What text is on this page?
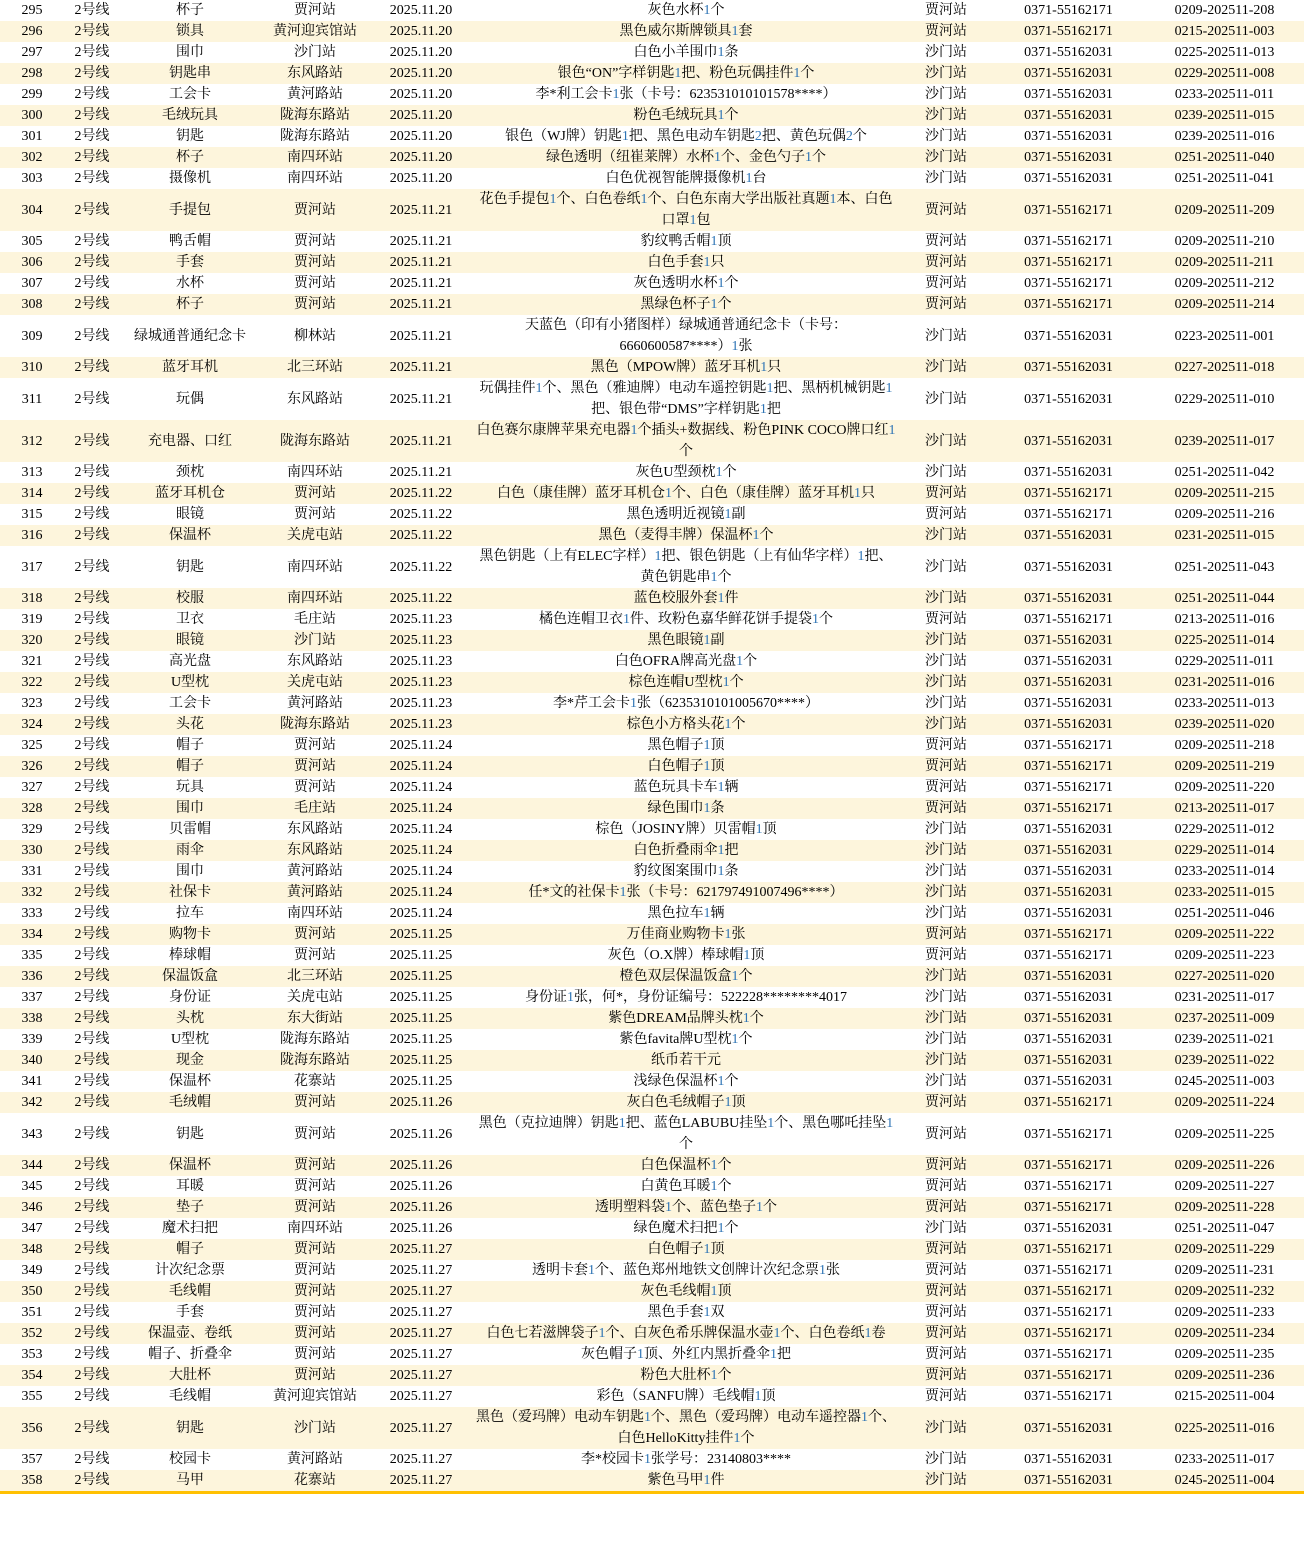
295	2号线	杯子	贾河站	2025.11.20	灰色水杯1个	贾河站	0371-55162171	0209-202511-208
296	2号线	锁具	黄河迎宾馆站	2025.11.20	黑色威尔斯牌锁具1套	贾河站	0371-55162171	0215-202511-003
297	2号线	围巾	沙门站	2025.11.20	白色小羊围巾1条	沙门站	0371-55162031	0225-202511-013
298	2号线	钥匙串	东风路站	2025.11.20	银色“ON”字样钥匙1把、粉色玩偶挂件1个	沙门站	0371-55162031	0229-202511-008
299	2号线	工会卡	黄河路站	2025.11.20	李*利工会卡1张（卡号：623531010101578****）	沙门站	0371-55162031	0233-202511-011
300	2号线	毛绒玩具	陇海东路站	2025.11.20	粉色毛绒玩具1个	沙门站	0371-55162031	0239-202511-015
301	2号线	钥匙	陇海东路站	2025.11.20	银色（WJ牌）钥匙1把、黑色电动车钥匙2把、黄色玩偶2个	沙门站	0371-55162031	0239-202511-016
302	2号线	杯子	南四环站	2025.11.20	绿色透明（纽崔莱牌）水杯1个、金色勺子1个	沙门站	0371-55162031	0251-202511-040
303	2号线	摄像机	南四环站	2025.11.20	白色优视智能牌摄像机1台	沙门站	0371-55162031	0251-202511-041
304	2号线	手提包	贾河站	2025.11.21	花色手提包1个、白色卷纸1个、白色东南大学出版社真题1本、白色口罩1包	贾河站	0371-55162171	0209-202511-209
305	2号线	鸭舌帽	贾河站	2025.11.21	豹纹鸭舌帽1顶	贾河站	0371-55162171	0209-202511-210
306	2号线	手套	贾河站	2025.11.21	白色手套1只	贾河站	0371-55162171	0209-202511-211
307	2号线	水杯	贾河站	2025.11.21	灰色透明水杯1个	贾河站	0371-55162171	0209-202511-212
308	2号线	杯子	贾河站	2025.11.21	黑绿色杯子1个	贾河站	0371-55162171	0209-202511-214
309	2号线	绿城通普通纪念卡	柳林站	2025.11.21	天蓝色（印有小猪图样）绿城通普通纪念卡（卡号：6660600587****）1张	沙门站	0371-55162031	0223-202511-001
310	2号线	蓝牙耳机	北三环站	2025.11.21	黑色（MPOW牌）蓝牙耳机1只	沙门站	0371-55162031	0227-202511-018
311	2号线	玩偶	东风路站	2025.11.21	玩偶挂件1个、黑色（雅迪牌）电动车遥控钥匙1把、黑柄机械钥匙1把、银色带“DMS”字样钥匙1把	沙门站	0371-55162031	0229-202511-010
312	2号线	充电器、口红	陇海东路站	2025.11.21	白色赛尔康牌苹果充电器1个插头+数据线、粉色PINK COCO牌口红1个	沙门站	0371-55162031	0239-202511-017
313	2号线	颈枕	南四环站	2025.11.21	灰色U型颈枕1个	沙门站	0371-55162031	0251-202511-042
314	2号线	蓝牙耳机仓	贾河站	2025.11.22	白色（康佳牌）蓝牙耳机仓1个、白色（康佳牌）蓝牙耳机1只	贾河站	0371-55162171	0209-202511-215
315	2号线	眼镜	贾河站	2025.11.22	黑色透明近视镜1副	贾河站	0371-55162171	0209-202511-216
316	2号线	保温杯	关虎屯站	2025.11.22	黑色（麦得丰牌）保温杯1个	沙门站	0371-55162031	0231-202511-015
317	2号线	钥匙	南四环站	2025.11.22	黑色钥匙（上有ELEC字样）1把、银色钥匙（上有仙华字样）1把、黄色钥匙串1个	沙门站	0371-55162031	0251-202511-043
318	2号线	校服	南四环站	2025.11.22	蓝色校服外套1件	沙门站	0371-55162031	0251-202511-044
319	2号线	卫衣	毛庄站	2025.11.23	橘色连帽卫衣1件、玫粉色嘉华鲜花饼手提袋1个	贾河站	0371-55162171	0213-202511-016
320	2号线	眼镜	沙门站	2025.11.23	黑色眼镜1副	沙门站	0371-55162031	0225-202511-014
321	2号线	高光盘	东风路站	2025.11.23	白色OFRA牌高光盘1个	沙门站	0371-55162031	0229-202511-011
322	2号线	U型枕	关虎屯站	2025.11.23	棕色连帽U型枕1个	沙门站	0371-55162031	0231-202511-016
323	2号线	工会卡	黄河路站	2025.11.23	李*芹工会卡1张（6235310101005670****）	沙门站	0371-55162031	0233-202511-013
324	2号线	头花	陇海东路站	2025.11.23	棕色小方格头花1个	沙门站	0371-55162031	0239-202511-020
325	2号线	帽子	贾河站	2025.11.24	黑色帽子1顶	贾河站	0371-55162171	0209-202511-218
326	2号线	帽子	贾河站	2025.11.24	白色帽子1顶	贾河站	0371-55162171	0209-202511-219
327	2号线	玩具	贾河站	2025.11.24	蓝色玩具卡车1辆	贾河站	0371-55162171	0209-202511-220
328	2号线	围巾	毛庄站	2025.11.24	绿色围巾1条	贾河站	0371-55162171	0213-202511-017
329	2号线	贝雷帽	东风路站	2025.11.24	棕色（JOSINY牌）贝雷帽1顶	沙门站	0371-55162031	0229-202511-012
330	2号线	雨伞	东风路站	2025.11.24	白色折叠雨伞1把	沙门站	0371-55162031	0229-202511-014
331	2号线	围巾	黄河路站	2025.11.24	豹纹图案围巾1条	沙门站	0371-55162031	0233-202511-014
332	2号线	社保卡	黄河路站	2025.11.24	任*文的社保卡1张（卡号：621797491007496****）	沙门站	0371-55162031	0233-202511-015
333	2号线	拉车	南四环站	2025.11.24	黑色拉车1辆	沙门站	0371-55162031	0251-202511-046
334	2号线	购物卡	贾河站	2025.11.25	万佳商业购物卡1张	贾河站	0371-55162171	0209-202511-222
335	2号线	棒球帽	贾河站	2025.11.25	灰色（O.X牌）棒球帽1顶	贾河站	0371-55162171	0209-202511-223
336	2号线	保温饭盒	北三环站	2025.11.25	橙色双层保温饭盒1个	沙门站	0371-55162031	0227-202511-020
337	2号线	身份证	关虎屯站	2025.11.25	身份证1张，何*，身份证编号：522228********4017	沙门站	0371-55162031	0231-202511-017
338	2号线	头枕	东大街站	2025.11.25	紫色DREAM品牌头枕1个	沙门站	0371-55162031	0237-202511-009
339	2号线	U型枕	陇海东路站	2025.11.25	紫色favita牌U型枕1个	沙门站	0371-55162031	0239-202511-021
340	2号线	现金	陇海东路站	2025.11.25	纸币若干元	沙门站	0371-55162031	0239-202511-022
341	2号线	保温杯	花寨站	2025.11.25	浅绿色保温杯1个	沙门站	0371-55162031	0245-202511-003
342	2号线	毛绒帽	贾河站	2025.11.26	灰白色毛绒帽子1顶	贾河站	0371-55162171	0209-202511-224
343	2号线	钥匙	贾河站	2025.11.26	黑色（克拉迪牌）钥匙1把、蓝色LABUBU挂坠1个、黑色哪吒挂坠1个	贾河站	0371-55162171	0209-202511-225
344	2号线	保温杯	贾河站	2025.11.26	白色保温杯1个	贾河站	0371-55162171	0209-202511-226
345	2号线	耳暖	贾河站	2025.11.26	白黄色耳暖1个	贾河站	0371-55162171	0209-202511-227
346	2号线	垫子	贾河站	2025.11.26	透明塑料袋1个、蓝色垫子1个	贾河站	0371-55162171	0209-202511-228
347	2号线	魔术扫把	南四环站	2025.11.26	绿色魔术扫把1个	沙门站	0371-55162031	0251-202511-047
348	2号线	帽子	贾河站	2025.11.27	白色帽子1顶	贾河站	0371-55162171	0209-202511-229
349	2号线	计次纪念票	贾河站	2025.11.27	透明卡套1个、蓝色郑州地铁文创牌计次纪念票1张	贾河站	0371-55162171	0209-202511-231
350	2号线	毛线帽	贾河站	2025.11.27	灰色毛线帽1顶	贾河站	0371-55162171	0209-202511-232
351	2号线	手套	贾河站	2025.11.27	黑色手套1双	贾河站	0371-55162171	0209-202511-233
352	2号线	保温壶、卷纸	贾河站	2025.11.27	白色七若滋牌袋子1个、白灰色希乐牌保温水壶1个、白色卷纸1卷	贾河站	0371-55162171	0209-202511-234
353	2号线	帽子、折叠伞	贾河站	2025.11.27	灰色帽子1顶、外红内黑折叠伞1把	贾河站	0371-55162171	0209-202511-235
354	2号线	大肚杯	贾河站	2025.11.27	粉色大肚杯1个	贾河站	0371-55162171	0209-202511-236
355	2号线	毛线帽	黄河迎宾馆站	2025.11.27	彩色（SANFU牌）毛线帽1顶	贾河站	0371-55162171	0215-202511-004
356	2号线	钥匙	沙门站	2025.11.27	黑色（爱玛牌）电动车钥匙1个、黑色（爱玛牌）电动车遥控器1个、白色HelloKitty挂件1个	沙门站	0371-55162031	0225-202511-016
357	2号线	校园卡	黄河路站	2025.11.27	李*校园卡1张学号：23140803****	沙门站	0371-55162031	0233-202511-017
358	2号线	马甲	花寨站	2025.11.27	紫色马甲1件	沙门站	0371-55162031	0245-202511-004
